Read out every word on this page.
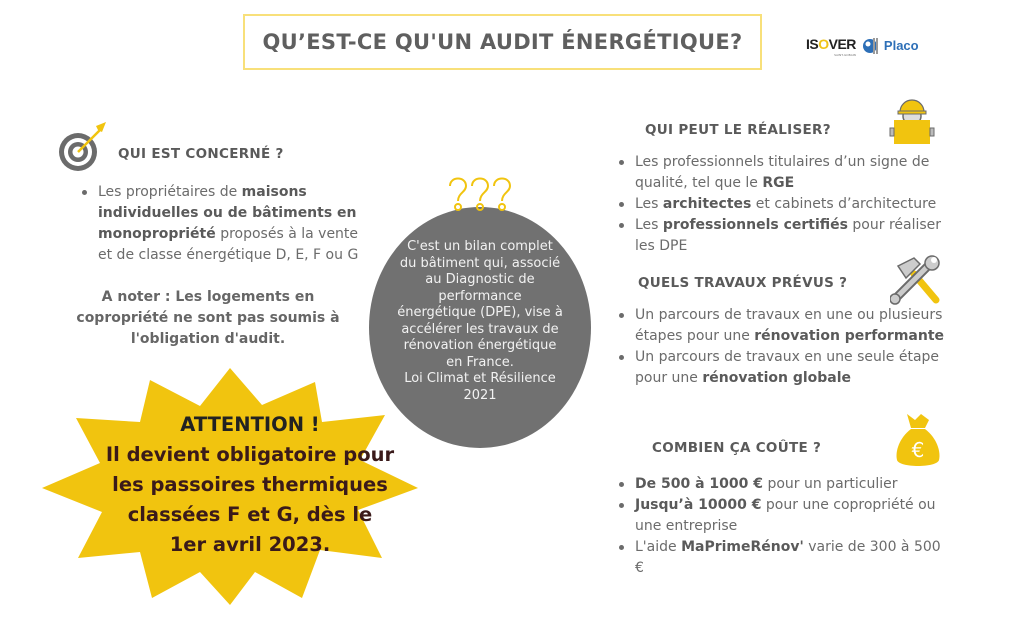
QU’EST-CE QU'UN AUDIT ÉNERGÉTIQUE?	ISOVER
SAINT-GOBAIN
Placo
QUI EST CONCERNÉ ?
Les propriétaires de maisons individuelles ou de bâtiments en monopropriété proposés à la vente et de classe énergétique D, E, F ou G
A noter : Les logements en copropriété ne sont pas soumis à l'obligation d'audit.
ATTENTION !
Il devient obligatoire pour
les passoires thermiques
classées F et G, dès le
1er avril 2023.
C'est un bilan complet
du bâtiment qui, associé
au Diagnostic de
performance
énergétique (DPE), vise à
accélérer les travaux de
rénovation énergétique
en France.
Loi Climat et Résilience
2021
QUI PEUT LE RÉALISER?
Les professionnels titulaires d’un signe de qualité, tel que le RGE
Les architectes et cabinets d’architecture
Les professionnels certifiés pour réaliser les DPE
QUELS TRAVAUX PRÉVUS ?
Un parcours de travaux en une ou plusieurs étapes pour une rénovation performante
Un parcours de travaux en une seule étape pour une rénovation globale
COMBIEN ÇA COÛTE ?	€
De 500 à 1000 € pour un particulier
Jusqu’à 10000 € pour une copropriété ou une entreprise
L'aide MaPrimeRénov' varie de 300 à 500 €
